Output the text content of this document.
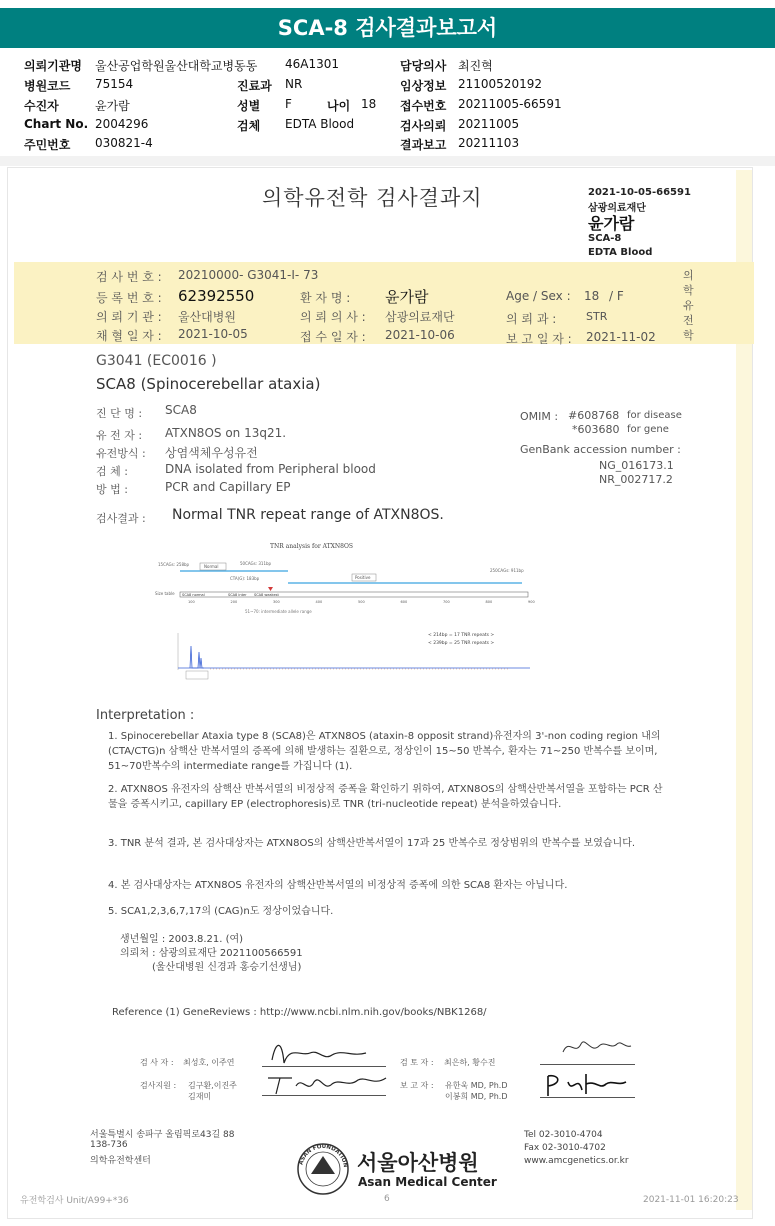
SCA-8 검사결과보고서
의뢰기관명 울산공업학원울산대학교병동동 46A1301	담당의사 최진혁
병원코드 75154	진료과 NR	임상정보 21100520192
수진자	윤가람	성별 F	나이 18 접수번호 20211005-66591
Chart No. 2004296	검체 EDTA Blood	검사의뢰 20211005
주민번호 030821-4	결과보고 20211103
의학유전학 검사결과지	2021-10-05-66591
삼광의료재단
윤가람
SCA-8
EDTA Blood
검 사 번 호 : 20210000- G3041-I- 73
등 록 번 호 : 62392550	환 자 명 : 윤가람	Age / Sex : 18 / F
의 뢰 기 관 : 울산대병원	의 뢰 의 사 : 삼광의료재단	의 뢰 과 :	STR
채 혈 일 자 : 2021-10-05	접 수 일 자 : 2021-10-06	보 고 일 자 : 2021-11-02
의학유전학
G3041 (EC0016 )
SCA8 (Spinocerebellar ataxia)
진 단 명 : SCA8
유 전 자 : ATXN8OS on 13q21.
유전방식 : 상염색체우성유전
검 체 :	DNA isolated from Peripheral blood
방 법 :	PCR and Capillary EP
OMIM : #608768 for disease
*603680 for gene
GenBank accession number :
NG_016173.1
NR_002717.2
검사결과 : Normal TNR repeat range of ATXN8OS.
TNR analysis for ATXN8OS
15CAGs: 258bp	50CAGs: 311bp
Normal
CTA(G): 183bp	Positive
250CAGs: 911bp
Size table SCA8 normal	SCA8 inter SCA8 weakest
100	200	300	400	500	600	700	800	900
51~70: intermediate allele range
< 214bp = 17 TNR repeats >
< 239bp = 25 TNR repeats >
Interpretation :
1. Spinocerebellar Ataxia type 8 (SCA8)은 ATXN8OS (ataxin-8 opposit strand)유전자의 3'-non coding region 내의 (CTA/CTG)n 삼핵산 반복서열의 증폭에 의해 발생하는 질환으로, 정상인이 15~50 반복수, 환자는 71~250 반복수를 보이며, 51~70반복수의 intermediate range를 가집니다 (1).
2. ATXN8OS 유전자의 삼핵산 반복서열의 비정상적 증폭을 확인하기 위하여, ATXN8OS의 삼핵산반복서열을 포함하는 PCR 산물을 증폭시키고, capillary EP (electrophoresis)로 TNR (tri-nucleotide repeat) 분석을하였습니다.
3. TNR 분석 결과, 본 검사대상자는 ATXN8OS의 삼핵산반복서열이 17과 25 반복수로 정상범위의 반복수를 보였습니다.
4. 본 검사대상자는 ATXN8OS 유전자의 삼핵산반복서열의 비정상적 증폭에 의한 SCA8 환자는 아닙니다.
5. SCA1,2,3,6,7,17의 (CAG)n도 정상이었습니다.
생년월일 : 2003.8.21. (여)
의뢰처 : 삼광의료재단 2021100566591
(울산대병원 신경과 홍승기선생님)
Reference (1) GeneReviews : http://www.ncbi.nlm.nih.gov/books/NBK1268/
검 사 자 : 최성호, 이주연	검 토 자 : 최은하, 황수진
검사지원 : 김구환,이진주
김재미
보 고 자 : 유한욱 MD, Ph.D
이봉희 MD, Ph.D
서울특별시 송파구 올림픽로43길 88
138-736
의학유전학센터	ASAN FOUNDATION 서울아산병원
Asan Medical Center
Tel 02-3010-4704
Fax 02-3010-4702
www.amcgenetics.or.kr
유전학검사 Unit/A99+*36	6	2021-11-01 16:20:23
